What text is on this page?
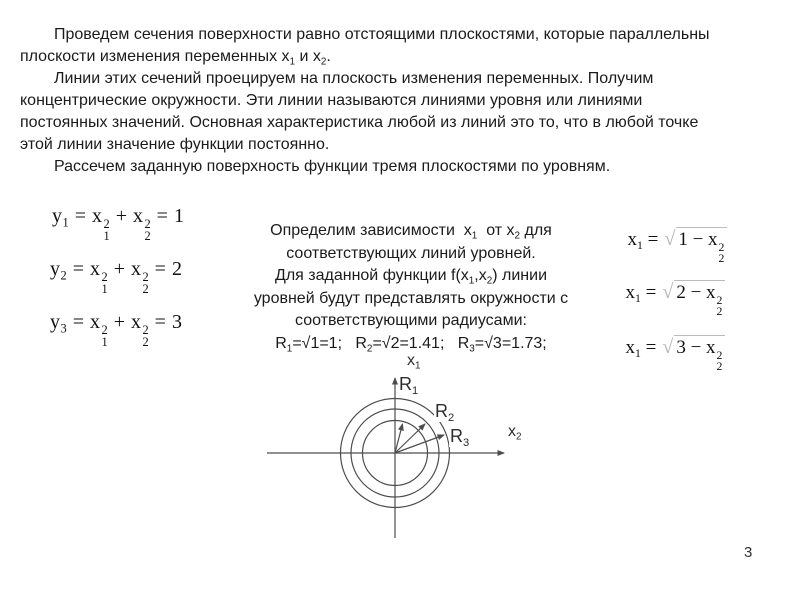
Проведем сечения поверхности равно отстоящими плоскостями, которые параллельны
плоскости изменения переменных $x_1$ и $x_2$.
Линии этих сечений проецируем на плоскость изменения переменных. Получим
концентрические окружности. Эти линии называются линиями уровня или линиями
постоянных значений. Основная характеристика любой из линий это то, что в любой точке
этой линии значение функции постоянно.
Рассечем заданную поверхность функции тремя плоскостями по уровням.
$y_1 = x$ 2
1
+ x 2
2
= 1
$y_2 = x$ 2
1
+ x 2
2
= 2
$y_3 = x$ 2
1
+ x 2
2
= 3

$x_1$ = √ 1 − x 2
2

$x_1$ = √ 2 − x 2
2

$x_1$ = √ 3 − x 2
2

Определим зависимости  $x_1$  от $x_2$ для
соответствующих линий уровней.
Для заданной функции $f(x_1,x_2)$ линии
уровней будут представлять окружности с
соответствующими радиусами:
$R_1=√1=1$;   $R_2=√2=1.41$;   $R_3=√3=1.73$;
$x_1$
$x_2$
$R_1$
$R_2$
$R_3$
3
